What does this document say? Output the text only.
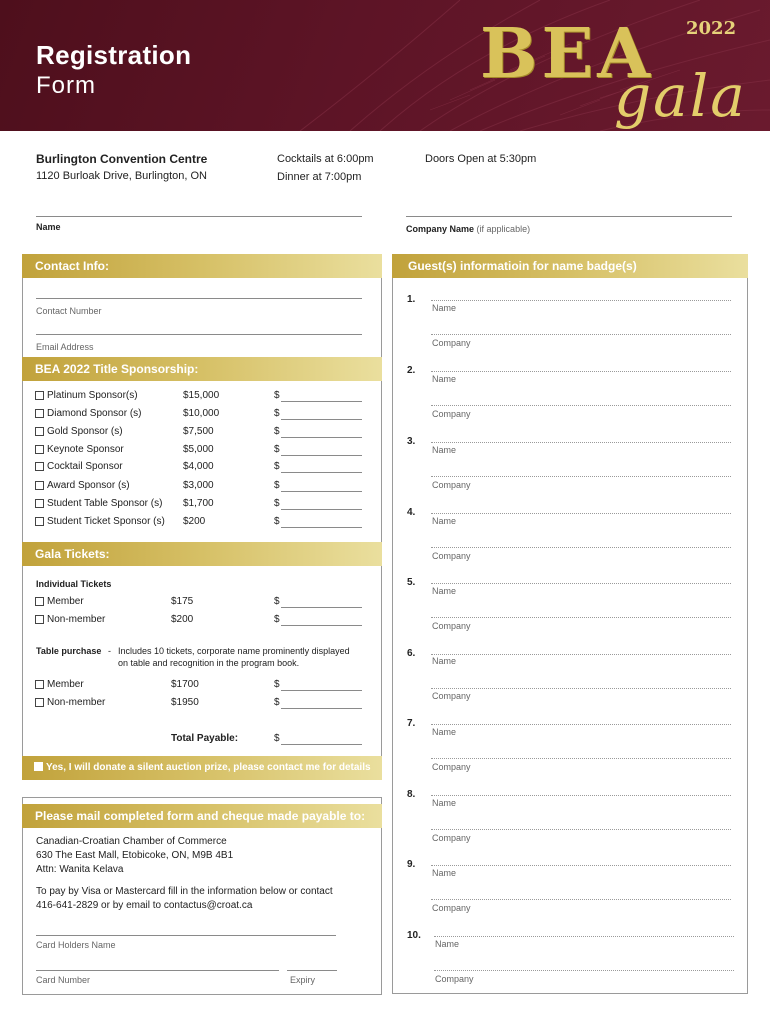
Registration
Form	BEA 2022
gala
Burlington Convention Centre
1120 Burloak Drive, Burlington, ON
Cocktails at 6:00pm
Dinner at 7:00pm
Doors Open at 5:30pm
Name	Company Name (if applicable)
Contact Info:
Contact Number
Email Address
BEA 2022 Title Sponsorship:
Platinum Sponsor(s)	$15,000	$
Diamond Sponsor (s)	$10,000	$
Gold Sponsor (s)	$7,500	$
Keynote Sponsor	$5,000	$
Cocktail Sponsor	$4,000	$
Award Sponsor (s)	$3,000	$
Student Table Sponsor (s) $1,700	$
Student Ticket Sponsor (s) $200	$
Gala Tickets:
Individual Tickets
Member	$175	$
Non-member	$200	$
Table purchase - Includes 10 tickets, corporate name prominently displayed
on table and recognition in the program book.
Member	$1700	$
Non-member	$1950	$
Total Payable:	$
Yes, I will donate a silent auction prize, please contact me for details
Please mail completed form and cheque made payable to:
Canadian-Croatian Chamber of Commerce
630 The East Mall, Etobicoke, ON, M9B 4B1
Attn: Wanita Kelava
To pay by Visa or Mastercard fill in the information below or contact
416-641-2829 or by email to contactus@croat.ca
Card Holders Name
Card Number	Expiry
Guest(s) informatioin for name badge(s)
1.
Name
Company
2.
Name
Company
3.
Name
Company
4.
Name
Company
5.
Name
Company
6.
Name
Company
7.
Name
Company
8.
Name
Company
9.
Name
Company
10.
Name
Company
